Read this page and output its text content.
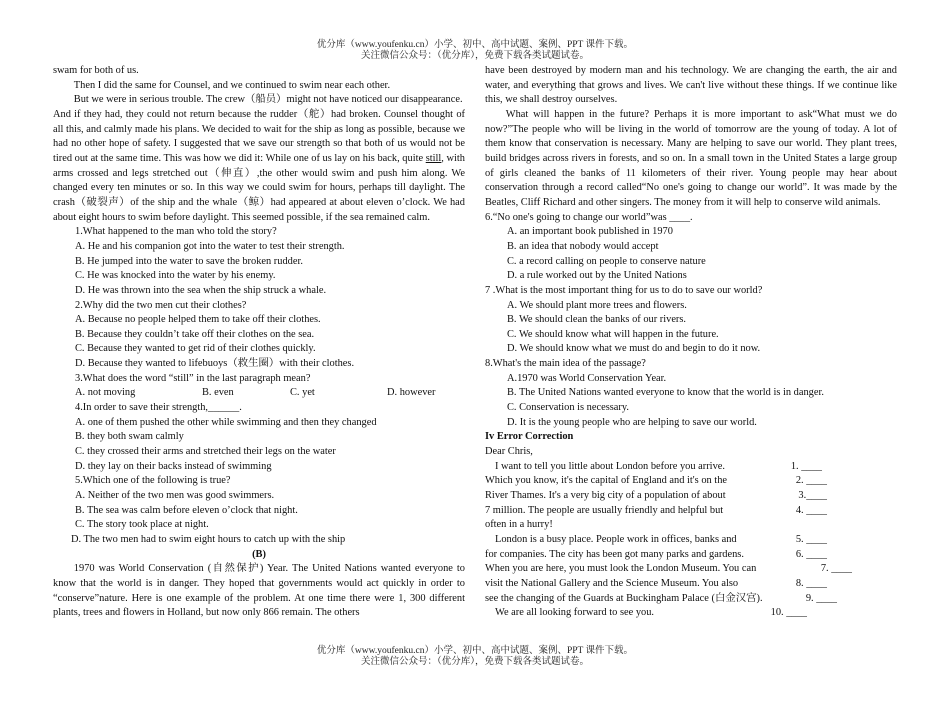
优分库（www.youfenku.cn）小学、初中、高中试题、案例、PPT 课件下载。
关注微信公众号：（优分库），免费下载各类试题试卷。

swam for both of us.

Then I did the same for Counsel, and we continued to swim near each other.

But we were in serious trouble. The crew（船员）might not have noticed our disappearance.

And if they had, they could not return because the rudder（舵）had broken. Counsel thought of all this, and calmly made his plans. We decided to wait for the ship as long as possible, because we had no other hope of safety. I suggested that we save our strength so that both of us would not be tired out at the same time. This was how we did it: While one of us lay on his back, quite still, with arms crossed and legs stretched out（伸直）,the other would swim and push him along. We changed every ten minutes or so. In this way we could swim for hours, perhaps till daylight. The crash（破裂声）of the ship and the whale（鲸）had appeared at about eleven o’clock. We had about eight hours to swim before daylight. This seemed possible, if the sea remained calm.

1.What happened to the man who told the story?

A. He and his companion got into the water to test their strength.

B. He jumped into the water to save the broken rudder.

C. He was knocked into the water by his enemy.

D. He was thrown into the sea when the ship struck a whale.

2.Why did the two men cut their clothes?

A. Because no people helped them to take off their clothes.

B. Because they couldn’t take off their clothes on the sea.

C. Because they wanted to get rid of their clothes quickly.

D. Because they wanted to lifebuoys（救生圈）with their clothes.

3.What does the word “still” in the last paragraph mean?

A. not moving	B. even	C. yet	D. however

4.In order to save their strength,______.

A. one of them pushed the other while swimming and then they changed

B. they both swam calmly

C. they crossed their arms and stretched their legs on the water

D. they lay on their backs instead of swimming

5.Which one of the following is true?

A. Neither of the two men was good swimmers.

B. The sea was calm before eleven o’clock that night.

C. The story took place at night.

D. The two men had to swim eight hours to catch up with the ship

(B)

1970 was World Conservation (自然保护) Year. The United Nations wanted everyone to know that the world is in danger. They hoped that governments would act quickly in order to “conserve”nature. Here is one example of the problem. At one time there were 1, 300 different plants, trees and flowers in Holland, but now only 866 remain. The others

have been destroyed by modern man and his technology. We are changing the earth, the air and water, and everything that grows and lives. We can't live without these things. If we continue like this, we shall destroy ourselves.

What will happen in the future? Perhaps it is more important to ask“What must we do now?”The people who will be living in the world of tomorrow are the young of today. A lot of them know that conservation is necessary. Many are helping to save our world. They plant trees, build bridges across rivers in forests, and so on. In a small town in the United States a large group of girls cleaned the banks of 11 kilometers of their river. Young people may hear about conservation through a record called“No one's going to change our world”. It was made by the Beatles, Cliff Richard and other singers. The money from it will help to conserve wild animals.

6.“No one's going to change our world”was ____.

A. an important book published in 1970

B. an idea that nobody would accept

C. a record calling on people to conserve nature

D. a rule worked out by the United Nations

7 .What is the most important thing for us to do to save our world?

A. We should plant more trees and flowers.

B. We should clean the banks of our rivers.

C. We should know what will happen in the future.

D. We should know what we must do and begin to do it now.

8.What's the main idea of the passage?

A.1970 was World Conservation Year.

B. The United Nations wanted everyone to know that the world is in danger.

C. Conservation is necessary.

D. It is the young people who are helping to save our world.

Iv Error Correction

Dear Chris,

I want to tell you little about London before you arrive.	1. ____
Which you know, it's the capital of England and it's on the	2. ____
River Thames. It's a very big city of a population of about	3.____
7 million. The people are usually friendly and helpful but	4. ____

often in a hurry!

London is a busy place. People work in offices, banks and	5. ____
for companies. The city has been got many parks and gardens.	6. ____
When you are here, you must look the London Museum. You can	7. ____
visit the National Gallery and the Science Museum. You also	8. ____
see the changing of the Guards at Buckingham Palace (白金汉宫).	9. ____
We are all looking forward to see you.	10. ____
优分库（www.youfenku.cn）小学、初中、高中试题、案例、PPT 课件下载。
关注微信公众号：（优分库），免费下载各类试题试卷。
